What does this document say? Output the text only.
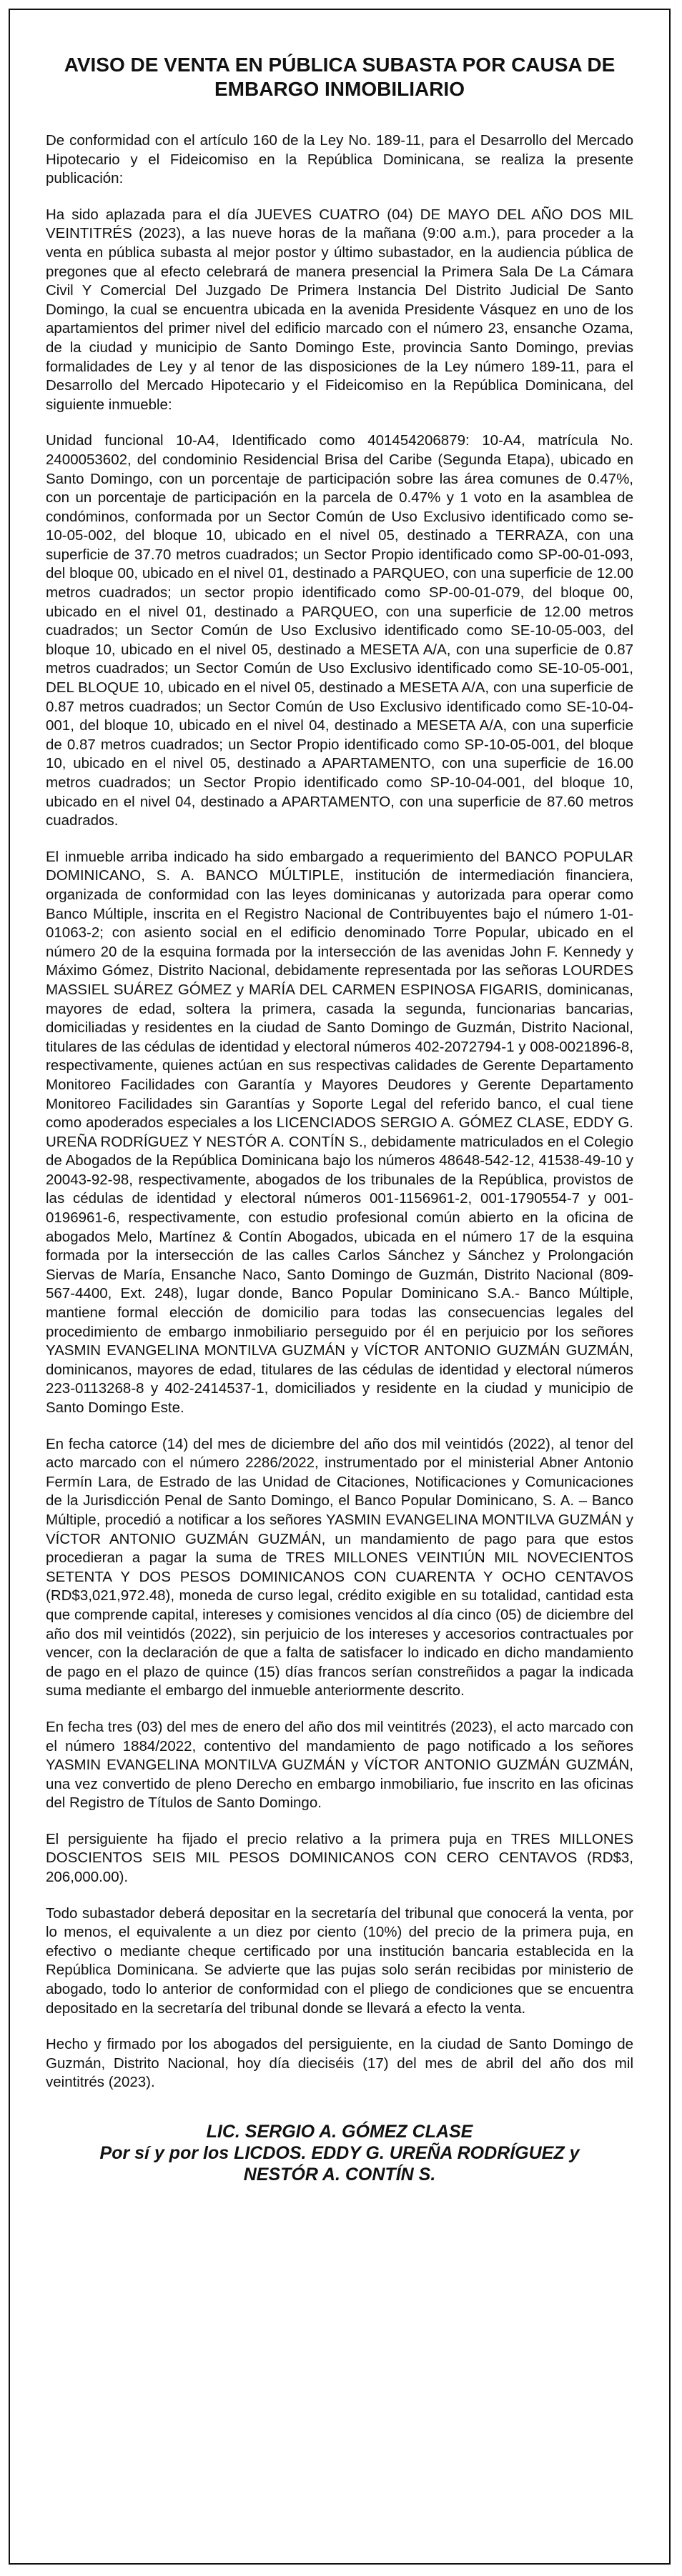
AVISO DE VENTA EN PÚBLICA SUBASTA POR CAUSA DE
EMBARGO INMOBILIARIO

De conformidad con el artículo 160 de la Ley No. 189-11, para el Desarrollo del Mercado Hipotecario y el Fideicomiso en la República Dominicana, se realiza la presente publicación:

Ha sido aplazada para el día JUEVES CUATRO (04) DE MAYO DEL AÑO DOS MIL VEINTITRÉS (2023), a las nueve horas de la mañana (9:00 a.m.), para proceder a la venta en pública subasta al mejor postor y último subastador, en la audiencia pública de pregones que al efecto celebrará de manera presencial la Primera Sala De La Cámara Civil Y Comercial Del Juzgado De Primera Instancia Del Distrito Judicial De Santo Domingo, la cual se encuentra ubicada en la avenida Presidente Vásquez en uno de los apartamientos del primer nivel del edificio marcado con el número 23, ensanche Ozama, de la ciudad y municipio de Santo Domingo Este, provincia Santo Domingo, previas formalidades de Ley y al tenor de las disposiciones de la Ley número 189-11, para el Desarrollo del Mercado Hipotecario y el Fideicomiso en la República Dominicana, del siguiente inmueble:

Unidad funcional 10-A4, Identificado como 401454206879: 10-A4, matrícula No. 2400053602, del condominio Residencial Brisa del Caribe (Segunda Etapa), ubicado en Santo Domingo, con un porcentaje de participación sobre las área comunes de 0.47%, con un porcentaje de participación en la parcela de 0.47% y 1 voto en la asamblea de condóminos, conformada por un Sector Común de Uso Exclusivo identificado como se-10-05-002, del bloque 10, ubicado en el nivel 05, destinado a TERRAZA, con una superficie de 37.70 metros cuadrados; un Sector Propio identificado como SP-00-01-093, del bloque 00, ubicado en el nivel 01, destinado a PARQUEO, con una superficie de 12.00 metros cuadrados; un sector propio identificado como SP-00-01-079, del bloque 00, ubicado en el nivel 01, destinado a PARQUEO, con una superficie de 12.00 metros cuadrados; un Sector Común de Uso Exclusivo identificado como SE-10-05-003, del bloque 10, ubicado en el nivel 05, destinado a MESETA A/A, con una superficie de 0.87 metros cuadrados; un Sector Común de Uso Exclusivo identificado como SE-10-05-001, DEL BLOQUE 10, ubicado en el nivel 05, destinado a MESETA A/A, con una superficie de 0.87 metros cuadrados; un Sector Común de Uso Exclusivo identificado como SE-10-04-001, del bloque 10, ubicado en el nivel 04, destinado a MESETA A/A, con una superficie de 0.87 metros cuadrados; un Sector Propio identificado como SP-10-05-001, del bloque 10, ubicado en el nivel 05, destinado a APARTAMENTO, con una superficie de 16.00 metros cuadrados; un Sector Propio identificado como SP-10-04-001, del bloque 10, ubicado en el nivel 04, destinado a APARTAMENTO, con una superficie de 87.60 metros cuadrados.

El inmueble arriba indicado ha sido embargado a requerimiento del BANCO POPULAR DOMINICANO, S. A. BANCO MÚLTIPLE, institución de intermediación financiera, organizada de conformidad con las leyes dominicanas y autorizada para operar como Banco Múltiple, inscrita en el Registro Nacional de Contribuyentes bajo el número 1-01-01063-2; con asiento social en el edificio denominado Torre Popular, ubicado en el número 20 de la esquina formada por la intersección de las avenidas John F. Kennedy y Máximo Gómez, Distrito Nacional, debidamente representada por las señoras LOURDES MASSIEL SUÁREZ GÓMEZ y MARÍA DEL CARMEN ESPINOSA FIGARIS, dominicanas, mayores de edad, soltera la primera, casada la segunda, funcionarias bancarias, domiciliadas y residentes en la ciudad de Santo Domingo de Guzmán, Distrito Nacional, titulares de las cédulas de identidad y electoral números 402-2072794-1 y 008-0021896-8, respectivamente, quienes actúan en sus respectivas calidades de Gerente Departamento Monitoreo Facilidades con Garantía y Mayores Deudores y Gerente Departamento Monitoreo Facilidades sin Garantías y Soporte Legal del referido banco, el cual tiene como apoderados especiales a los LICENCIADOS SERGIO A. GÓMEZ CLASE, EDDY G. UREÑA RODRÍGUEZ Y NESTÓR A. CONTÍN S., debidamente matriculados en el Colegio de Abogados de la República Dominicana bajo los números 48648-542-12, 41538-49-10 y 20043-92-98, respectivamente, abogados de los tribunales de la República, provistos de las cédulas de identidad y electoral números 001-1156961-2, 001-1790554-7 y 001-0196961-6, respectivamente, con estudio profesional común abierto en la oficina de abogados Melo, Martínez & Contín Abogados, ubicada en el número 17 de la esquina formada por la intersección de las calles Carlos Sánchez y Sánchez y Prolongación Siervas de María, Ensanche Naco, Santo Domingo de Guzmán, Distrito Nacional (809-567-4400, Ext. 248), lugar donde, Banco Popular Dominicano S.A.- Banco Múltiple, mantiene formal elección de domicilio para todas las consecuencias legales del procedimiento de embargo inmobiliario perseguido por él en perjuicio por los señores YASMIN EVANGELINA MONTILVA GUZMÁN y VÍCTOR ANTONIO GUZMÁN GUZMÁN, dominicanos, mayores de edad, titulares de las cédulas de identidad y electoral números 223-0113268-8 y 402-2414537-1, domiciliados y residente en la ciudad y municipio de Santo Domingo Este.

En fecha catorce (14) del mes de diciembre del año dos mil veintidós (2022), al tenor del acto marcado con el número 2286/2022, instrumentado por el ministerial Abner Antonio Fermín Lara, de Estrado de las Unidad de Citaciones, Notificaciones y Comunicaciones de la Jurisdicción Penal de Santo Domingo, el Banco Popular Dominicano, S. A. – Banco Múltiple, procedió a notificar a los señores YASMIN EVANGELINA MONTILVA GUZMÁN y VÍCTOR ANTONIO GUZMÁN GUZMÁN, un mandamiento de pago para que estos procedieran a pagar la suma de TRES MILLONES VEINTIÚN MIL NOVECIENTOS SETENTA Y DOS PESOS DOMINICANOS CON CUARENTA Y OCHO CENTAVOS (RD$3,021,972.48), moneda de curso legal, crédito exigible en su totalidad, cantidad esta que comprende capital, intereses y comisiones vencidos al día cinco (05) de diciembre del año dos mil veintidós (2022), sin perjuicio de los intereses y accesorios contractuales por vencer, con la declaración de que a falta de satisfacer lo indicado en dicho mandamiento de pago en el plazo de quince (15) días francos serían constreñidos a pagar la indicada suma mediante el embargo del inmueble anteriormente descrito.

En fecha tres (03) del mes de enero del año dos mil veintitrés (2023), el acto marcado con el número 1884/2022, contentivo del mandamiento de pago notificado a los señores YASMIN EVANGELINA MONTILVA GUZMÁN y VÍCTOR ANTONIO GUZMÁN GUZMÁN, una vez convertido de pleno Derecho en embargo inmobiliario, fue inscrito en las oficinas del Registro de Títulos de Santo Domingo.

El persiguiente ha fijado el precio relativo a la primera puja en TRES MILLONES DOSCIENTOS SEIS MIL PESOS DOMINICANOS CON CERO CENTAVOS (RD$3, 206,000.00).

Todo subastador deberá depositar en la secretaría del tribunal que conocerá la venta, por lo menos, el equivalente a un diez por ciento (10%) del precio de la primera puja, en efectivo o mediante cheque certificado por una institución bancaria establecida en la República Dominicana. Se advierte que las pujas solo serán recibidas por ministerio de abogado, todo lo anterior de conformidad con el pliego de condiciones que se encuentra depositado en la secretaría del tribunal donde se llevará a efecto la venta.

Hecho y firmado por los abogados del persiguiente, en la ciudad de Santo Domingo de Guzmán, Distrito Nacional, hoy día dieciséis (17) del mes de abril del año dos mil veintitrés (2023).

LIC. SERGIO A. GÓMEZ CLASE
Por sí y por los LICDOS. EDDY G. UREÑA RODRÍGUEZ y
NESTÓR A. CONTÍN S.
